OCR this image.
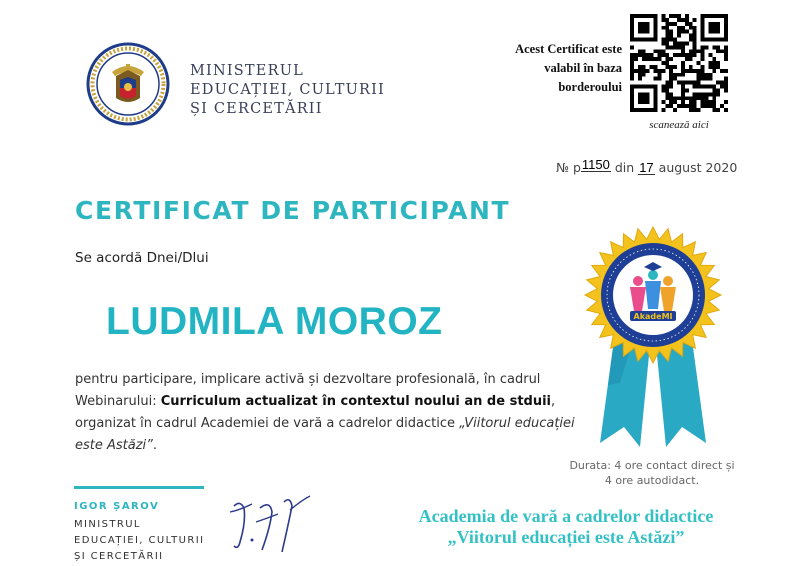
MINISTERUL
EDUCAȚIEI, CULTURII
ȘI CERCETĂRII
Acest Certificat este
valabil în baza
borderoului
scanează aici
№ p1150 din 17 august 2020
CERTIFICAT DE PARTICIPANT
Se acordă Dnei/Dlui
LUDMILA MOROZ
pentru participare, implicare activă și dezvoltare profesională, în cadrul Webinarului: Curriculum actualizat în contextul noului an de stduii, organizat în cadrul Academiei de vară a cadrelor didactice „Viitorul educației este Astăzi”.
AkadeMI
Durata: 4 ore contact direct și 4 ore autodidact.
IGOR ȘAROV
MINISTRUL
EDUCAȚIEI, CULTURII
ȘI CERCETĂRII
Academia de vară a cadrelor didactice
„Viitorul educației este Astăzi”
